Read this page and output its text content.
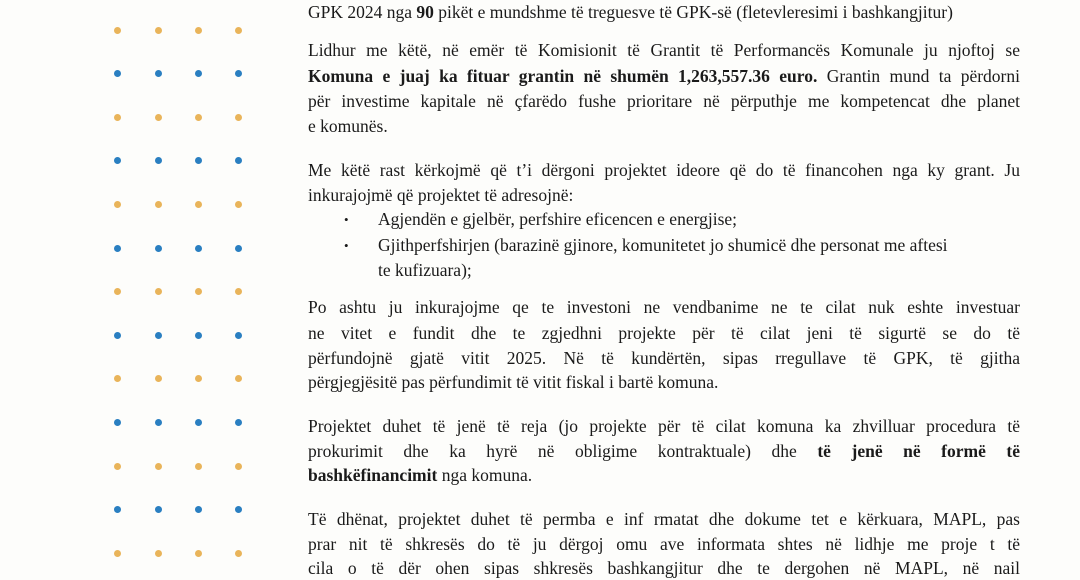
GPK 2024 nga 90 pikët e mundshme të treguesve të GPK-së (fletevleresimi i bashkangjitur)
Lidhur me këtë, në emër të Komisionit të Grantit të Performancës Komunale ju njoftoj se
Komuna e juaj ka fituar grantin në shumën 1,263,557.36 euro. Grantin mund ta përdorni
për investime kapitale në çfarëdo fushe prioritare në përputhje me kompetencat dhe planet
e komunës.
Me këtë rast kërkojmë që t’i dërgoni projektet ideore që do të financohen nga ky grant. Ju
inkurajojmë që projektet të adresojnë:
• Agjendën e gjelbër, perfshire eficencen e energjise;
• Gjithperfshirjen (barazinë gjinore, komunitetet jo shumicë dhe personat me aftesi
te kufizuara);
Po ashtu ju inkurajojme qe te investoni ne vendbanime ne te cilat nuk eshte investuar
ne vitet e fundit dhe te zgjedhni projekte për të cilat jeni të sigurtë se do të
përfundojnë gjatë vitit 2025. Në të kundërtën, sipas rregullave të GPK, të gjitha
përgjegjësitë pas përfundimit të vitit fiskal i bartë komuna.
Projektet duhet të jenë të reja (jo projekte për të cilat komuna ka zhvilluar procedura të
prokurimit dhe ka hyrë në obligime kontraktuale) dhe të jenë në formë të
bashkëfinancimit nga komuna.
Të dhënat, projektet duhet të permba e inf rmatat dhe dokume tet e kërkuara, MAPL, pas
prar nit të shkresës do të ju dërgoj omu ave informata shtes në lidhje me proje t të
cila o të dër ohen sipas shkresës bashkangjitur dhe te dergohen në MAPL, në nail
